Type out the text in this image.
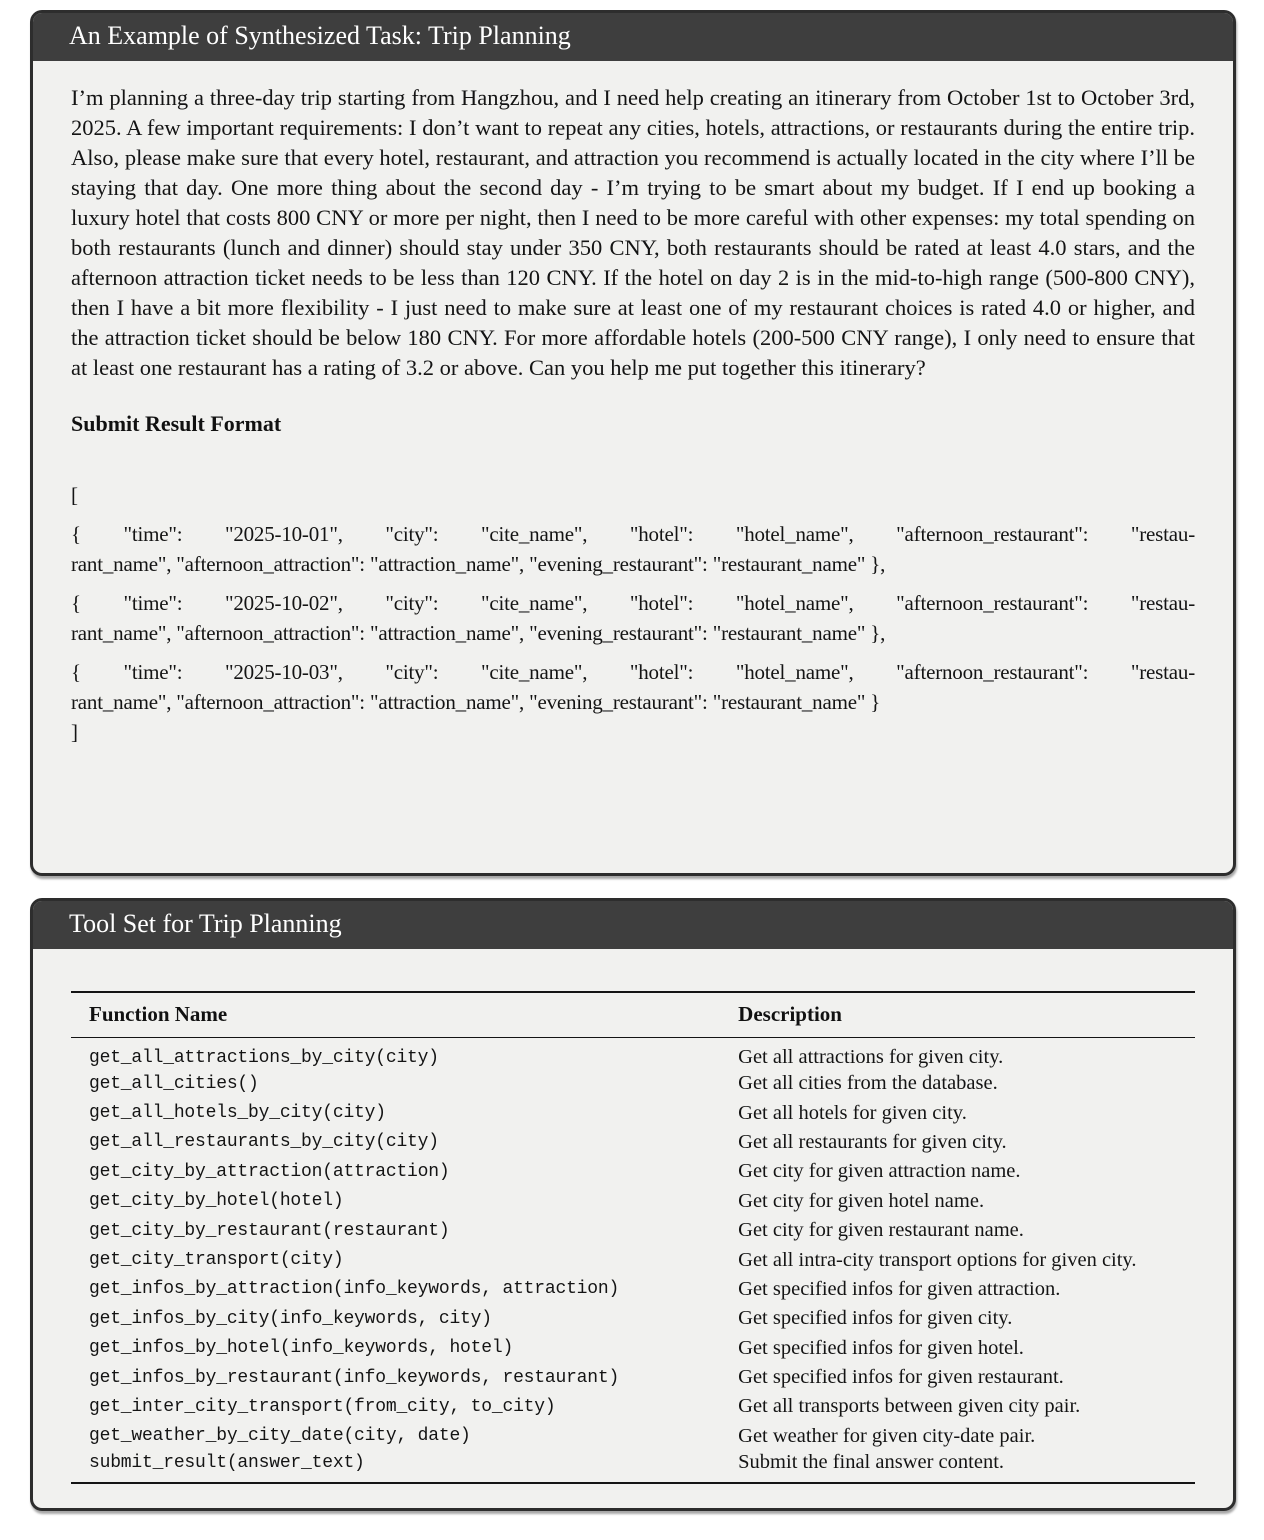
An Example of Synthesized Task: Trip Planning

I’m planning a three-day trip starting from Hangzhou, and I need help creating an itinerary from October 1st to October 3rd, 2025. A few important requirements: I don’t want to repeat any cities, hotels, attractions, or restaurants during the entire trip. Also, please make sure that every hotel, restaurant, and attraction you recommend is actually located in the city where I’ll be staying that day. One more thing about the second day - I’m trying to be smart about my budget. If I end up booking a luxury hotel that costs 800 CNY or more per night, then I need to be more careful with other expenses: my total spending on both restaurants (lunch and dinner) should stay under 350 CNY, both restaurants should be rated at least 4.0 stars, and the afternoon attraction ticket needs to be less than 120 CNY. If the hotel on day 2 is in the mid-to-high range (500-800 CNY), then I have a bit more flexibility - I just need to make sure at least one of my restaurant choices is rated 4.0 or higher, and the attraction ticket should be below 180 CNY. For more affordable hotels (200-500 CNY range), I only need to ensure that at least one restaurant has a rating of 3.2 or above. Can you help me put together this itinerary?

Submit Result Format
[
{ "time": "2025-10-01", "city": "cite_name", "hotel": "hotel_name", "afternoon_restaurant": "restau-
rant_name", "afternoon_attraction": "attraction_name", "evening_restaurant": "restaurant_name" },
{ "time": "2025-10-02", "city": "cite_name", "hotel": "hotel_name", "afternoon_restaurant": "restau-
rant_name", "afternoon_attraction": "attraction_name", "evening_restaurant": "restaurant_name" },
{ "time": "2025-10-03", "city": "cite_name", "hotel": "hotel_name", "afternoon_restaurant": "restau-
rant_name", "afternoon_attraction": "attraction_name", "evening_restaurant": "restaurant_name" }
]
Tool Set for Trip Planning
Function Name	Description
get_all_attractions_by_city(city)	Get all attractions for given city.
get_all_cities()	Get all cities from the database.
get_all_hotels_by_city(city)	Get all hotels for given city.
get_all_restaurants_by_city(city)	Get all restaurants for given city.
get_city_by_attraction(attraction)	Get city for given attraction name.
get_city_by_hotel(hotel)	Get city for given hotel name.
get_city_by_restaurant(restaurant)	Get city for given restaurant name.
get_city_transport(city)	Get all intra-city transport options for given city.
get_infos_by_attraction(info_keywords, attraction)	Get specified infos for given attraction.
get_infos_by_city(info_keywords, city)	Get specified infos for given city.
get_infos_by_hotel(info_keywords, hotel)	Get specified infos for given hotel.
get_infos_by_restaurant(info_keywords, restaurant)	Get specified infos for given restaurant.
get_inter_city_transport(from_city, to_city)	Get all transports between given city pair.
get_weather_by_city_date(city, date)	Get weather for given city-date pair.
submit_result(answer_text)	Submit the final answer content.
